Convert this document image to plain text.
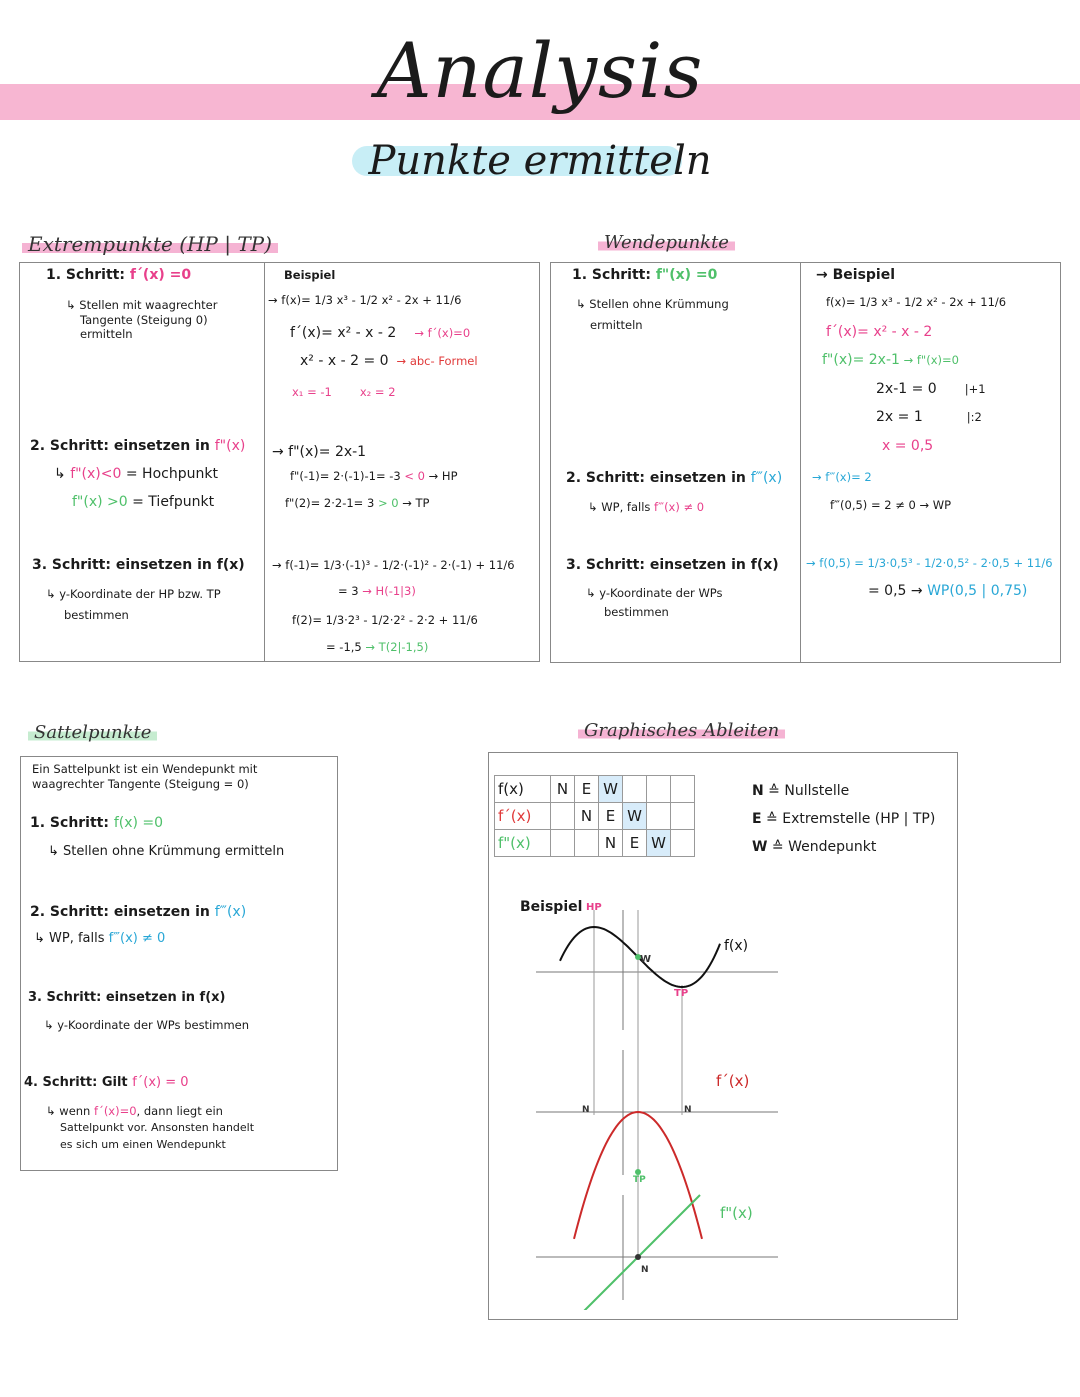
Analysis
Punkte ermitteln
Extrempunkte (HP | TP)
1. Schritt: f´(x) =0
↳ Stellen mit waagrechter
Tangente (Steigung 0)
ermitteln
2. Schritt: einsetzen in f"(x)
↳ f"(x)<0 = Hochpunkt
f"(x) >0 = Tiefpunkt
3. Schritt: einsetzen in f(x)
↳ y-Koordinate der HP bzw. TP
bestimmen
Beispiel
→ f(x)= 1/3 x³ - 1/2 x² - 2x + 11/6
f´(x)= x² - x - 2 → f´(x)=0
x² - x - 2 = 0 → abc- Formel
x₁ = -1 x₂ = 2
→ f"(x)= 2x-1
f"(-1)= 2·(-1)-1= -3 < 0 → HP
f"(2)= 2·2-1= 3 > 0 → TP
→ f(-1)= 1/3·(-1)³ - 1/2·(-1)² - 2·(-1) + 11/6
= 3 → H(-1|3)
f(2)= 1/3·2³ - 1/2·2² - 2·2 + 11/6
= -1,5 → T(2|-1,5)
Wendepunkte
1. Schritt: f"(x) =0
↳ Stellen ohne Krümmung
ermitteln
2. Schritt: einsetzen in f‴(x)
↳ WP, falls f‴(x) ≠ 0
3. Schritt: einsetzen in f(x)
↳ y-Koordinate der WPs
bestimmen
→ Beispiel
f(x)= 1/3 x³ - 1/2 x² - 2x + 11/6
f´(x)= x² - x - 2
f"(x)= 2x-1 → f"(x)=0
2x-1 = 0 |+1
2x = 1	|:2
x = 0,5
→ f‴(x)= 2
f‴(0,5) = 2 ≠ 0 → WP
→ f(0,5) = 1/3·0,5³ - 1/2·0,5² - 2·0,5 + 11/6
= 0,5 → WP(0,5 | 0,75)
Sattelpunkte
Ein Sattelpunkt ist ein Wendepunkt mit
waagrechter Tangente (Steigung = 0)
1. Schritt: f(x) =0
↳ Stellen ohne Krümmung ermitteln
2. Schritt: einsetzen in f‴(x)
↳ WP, falls f‴(x) ≠ 0
3. Schritt: einsetzen in f(x)
↳ y-Koordinate der WPs bestimmen
4. Schritt: Gilt f´(x) = 0
↳ wenn f´(x)=0, dann liegt ein
Sattelpunkt vor. Ansonsten handelt
es sich um einen Wendepunkt
Graphisches Ableiten
f(x)	N	E	W			
f´(x)		N	E	W		
f"(x)			N	E	W	
N ≙ Nullstelle
E ≙ Extremstelle (HP | TP)
W ≙ Wendepunkt
Beispiel HP
TP
W
N	N
TP
N
f(x)
f´(x)
f"(x)
